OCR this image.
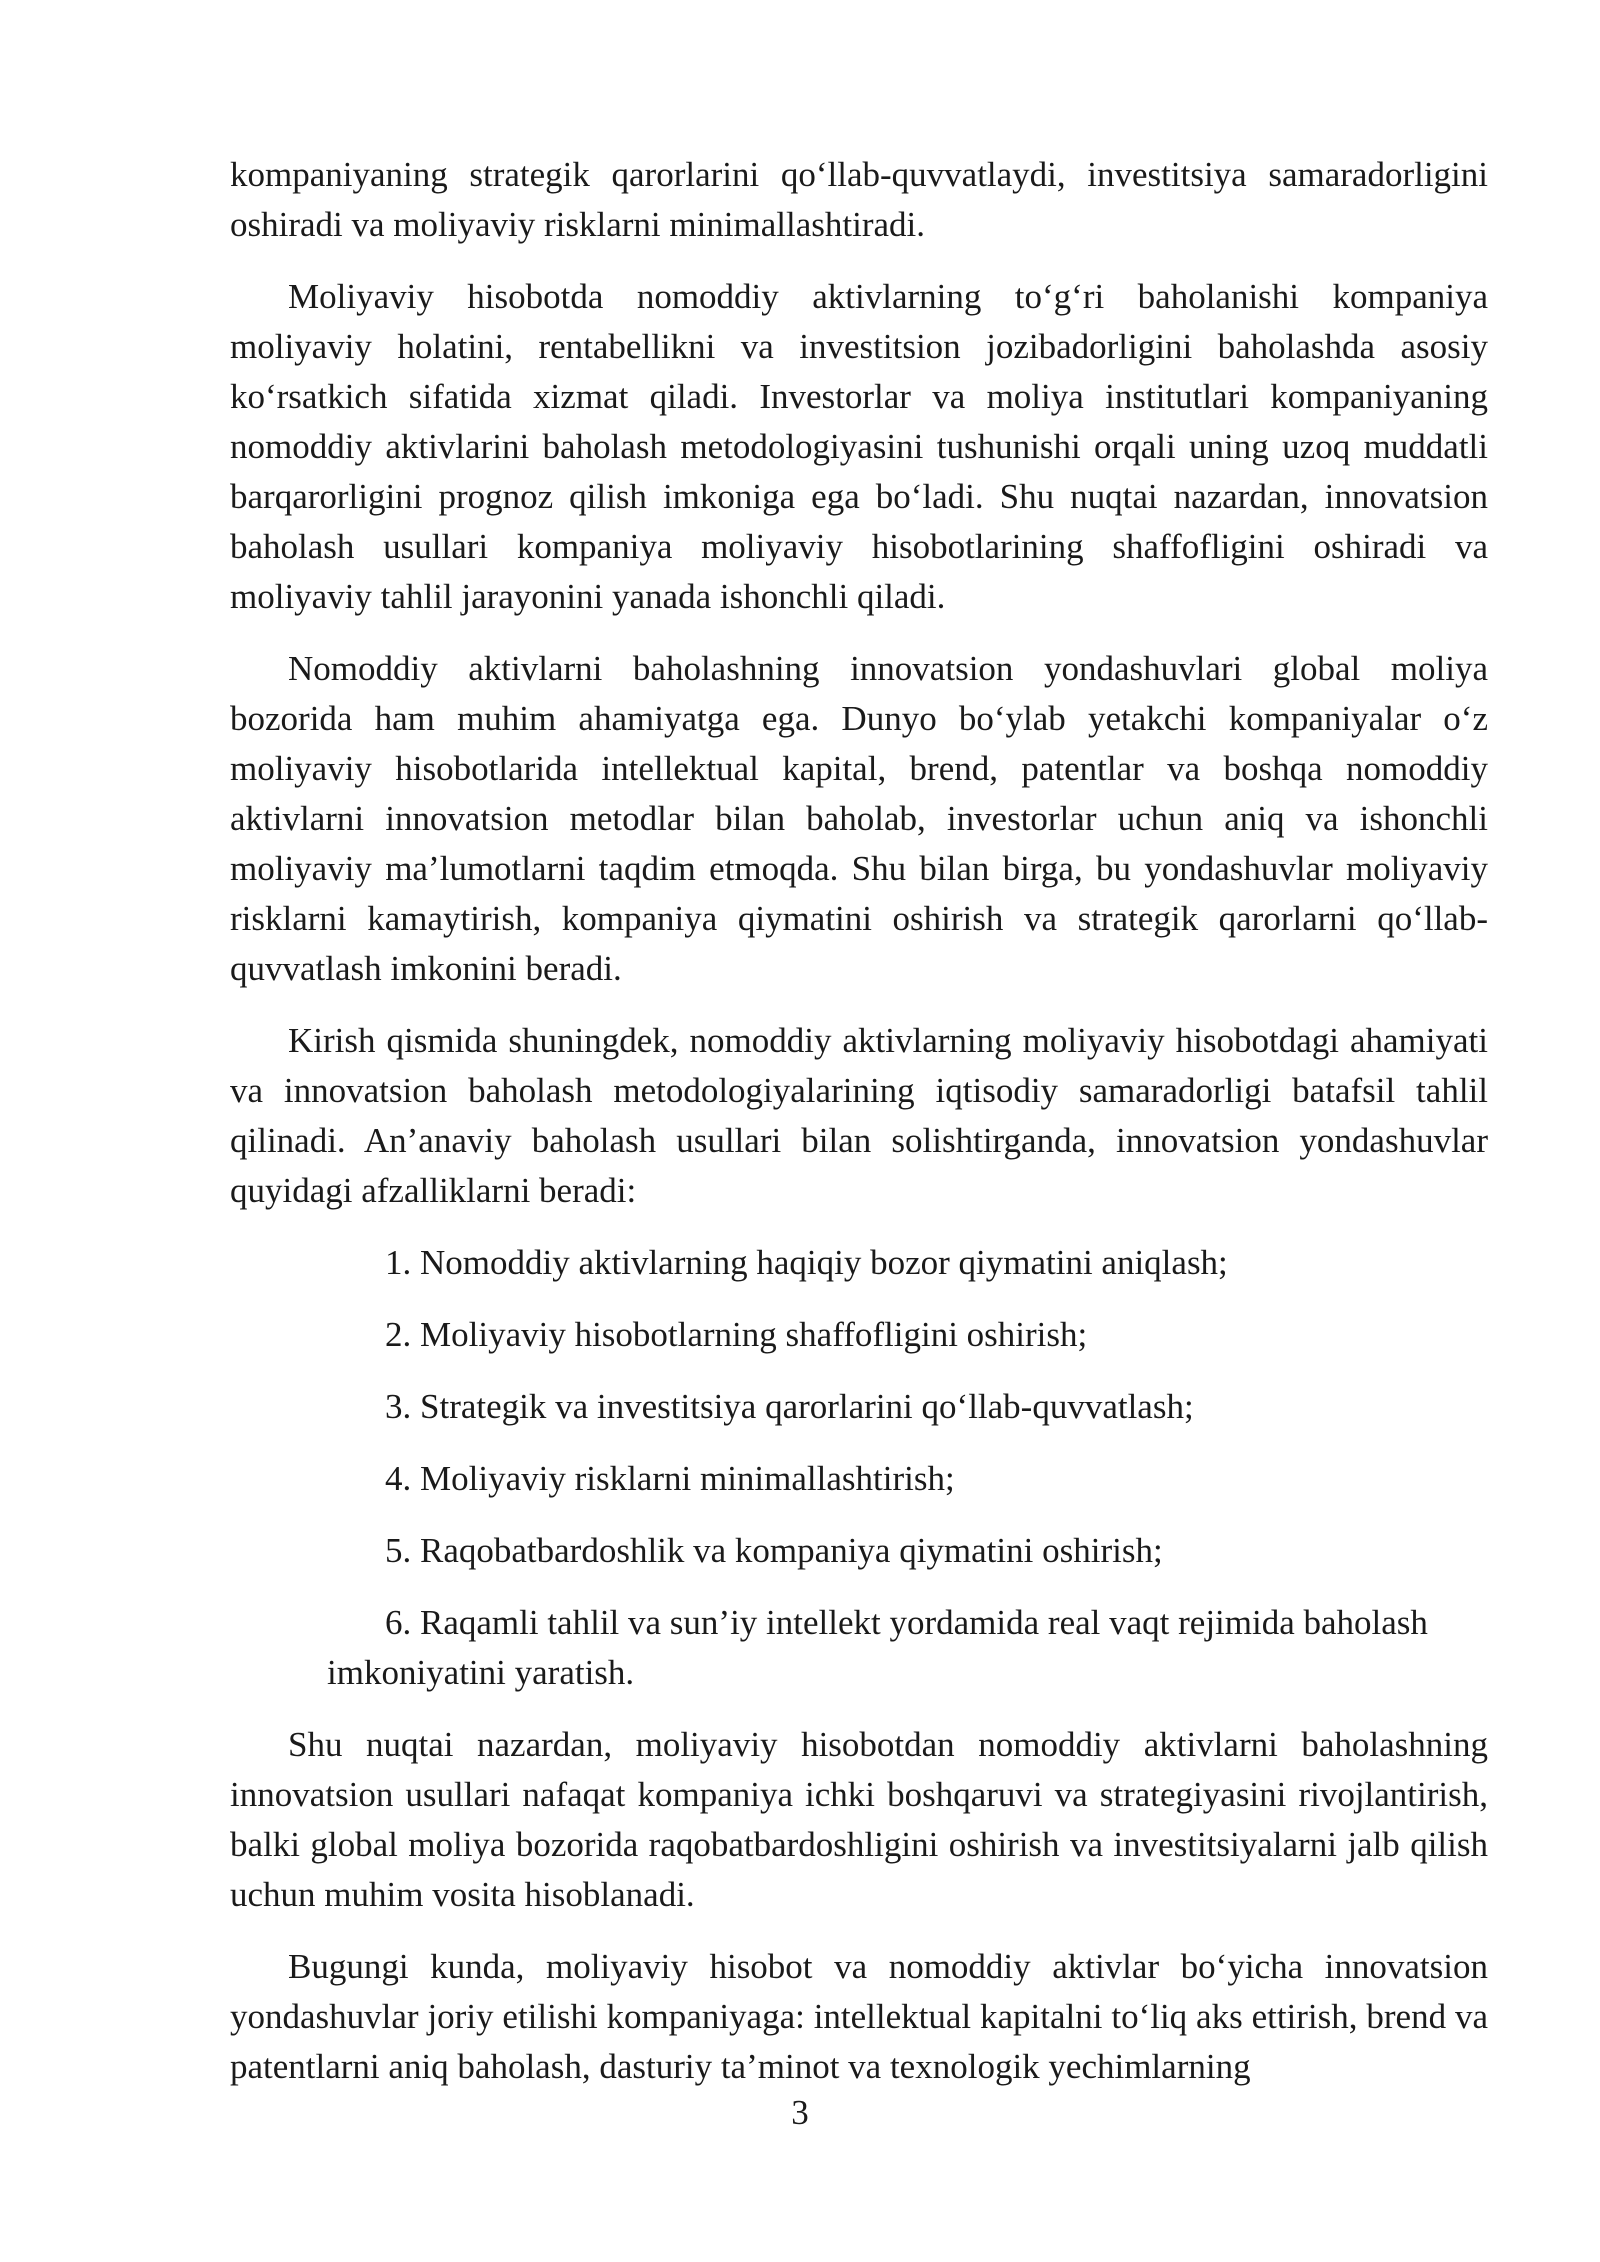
kompaniyaning strategik qarorlarini qo‘llab-quvvatlaydi, investitsiya samaradorligini oshiradi va moliyaviy risklarni minimallashtiradi.

Moliyaviy hisobotda nomoddiy aktivlarning to‘g‘ri baholanishi kompaniya moliyaviy holatini, rentabellikni va investitsion jozibadorligini baholashda asosiy ko‘rsatkich sifatida xizmat qiladi. Investorlar va moliya institutlari kompaniyaning nomoddiy aktivlarini baholash metodologiyasini tushunishi orqali uning uzoq muddatli barqarorligini prognoz qilish imkoniga ega bo‘ladi. Shu nuqtai nazardan, innovatsion baholash usullari kompaniya moliyaviy hisobotlarining shaffofligini oshiradi va moliyaviy tahlil jarayonini yanada ishonchli qiladi.

Nomoddiy aktivlarni baholashning innovatsion yondashuvlari global moliya bozorida ham muhim ahamiyatga ega. Dunyo bo‘ylab yetakchi kompaniyalar o‘z moliyaviy hisobotlarida intellektual kapital, brend, patentlar va boshqa nomoddiy aktivlarni innovatsion metodlar bilan baholab, investorlar uchun aniq va ishonchli moliyaviy ma’lumotlarni taqdim etmoqda. Shu bilan birga, bu yondashuvlar moliyaviy risklarni kamaytirish, kompaniya qiymatini oshirish va strategik qarorlarni qo‘llab-quvvatlash imkonini beradi.

Kirish qismida shuningdek, nomoddiy aktivlarning moliyaviy hisobotdagi ahamiyati va innovatsion baholash metodologiyalarining iqtisodiy samaradorligi batafsil tahlil qilinadi. An’anaviy baholash usullari bilan solishtirganda, innovatsion yondashuvlar quyidagi afzalliklarni beradi:

1. Nomoddiy aktivlarning haqiqiy bozor qiymatini aniqlash;
2. Moliyaviy hisobotlarning shaffofligini oshirish;
3. Strategik va investitsiya qarorlarini qo‘llab-quvvatlash;
4. Moliyaviy risklarni minimallashtirish;
5. Raqobatbardoshlik va kompaniya qiymatini oshirish;
6. Raqamli tahlil va sun’iy intellekt yordamida real vaqt rejimida baholash imkoniyatini yaratish.

Shu nuqtai nazardan, moliyaviy hisobotdan nomoddiy aktivlarni baholashning innovatsion usullari nafaqat kompaniya ichki boshqaruvi va strategiyasini rivojlantirish, balki global moliya bozorida raqobatbardoshligini oshirish va investitsiyalarni jalb qilish uchun muhim vosita hisoblanadi.

Bugungi kunda, moliyaviy hisobot va nomoddiy aktivlar bo‘yicha innovatsion yondashuvlar joriy etilishi kompaniyaga: intellektual kapitalni to‘liq aks ettirish, brend va patentlarni aniq baholash, dasturiy ta’minot va texnologik yechimlarning

3
